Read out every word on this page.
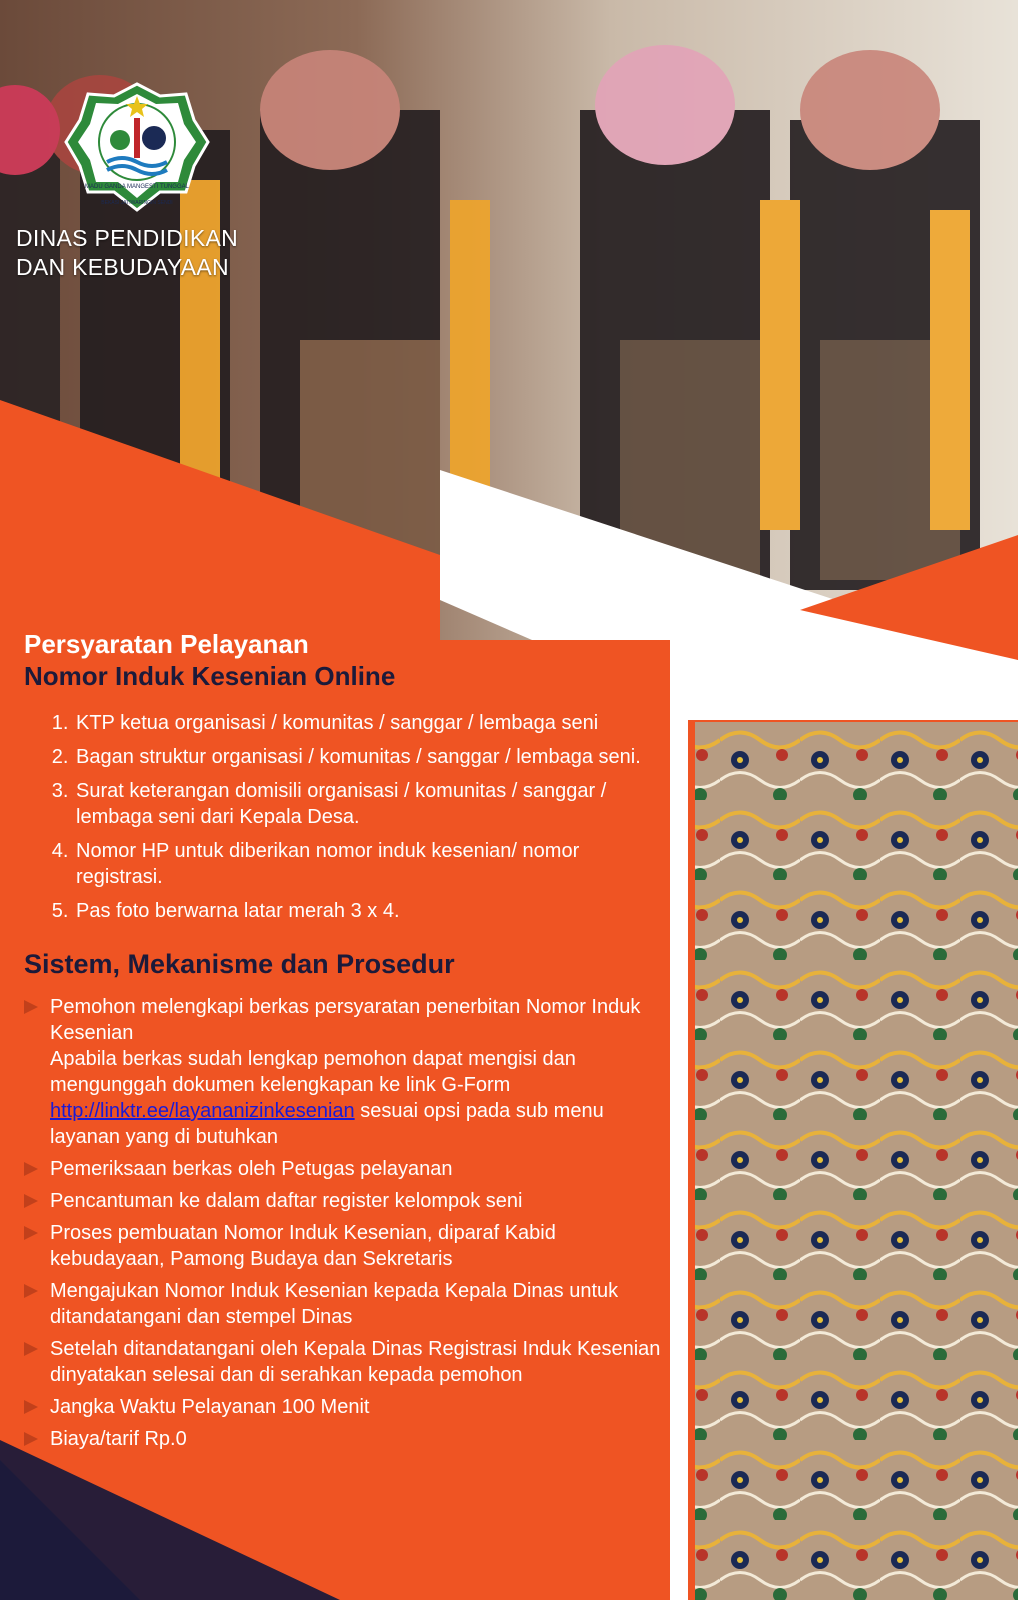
MADU GANDA MANGESTI TUNGGAL
BEKASI JATIWARINGIN SENDI
DINAS PENDIDIKAN
DAN KEBUDAYAAN
Persyaratan Pelayanan
Nomor Induk Kesenian Online
1. KTP ketua organisasi / komunitas / sanggar / lembaga seni
2. Bagan struktur organisasi / komunitas / sanggar / lembaga seni.
3. Surat keterangan domisili organisasi / komunitas / sanggar / lembaga seni dari Kepala Desa.
4. Nomor HP untuk diberikan nomor induk kesenian/ nomor registrasi.
5. Pas foto berwarna latar merah 3 x 4.
Sistem, Mekanisme dan Prosedur
Pemohon melengkapi berkas persyaratan penerbitan Nomor Induk Kesenian
Apabila berkas sudah lengkap pemohon dapat mengisi dan mengunggah dokumen kelengkapan ke link G-Form http://linktr.ee/layananizinkesenian sesuai opsi pada sub menu layanan yang di butuhkan
Pemeriksaan berkas oleh Petugas pelayanan
Pencantuman ke dalam daftar register kelompok seni
Proses pembuatan Nomor Induk Kesenian, diparaf Kabid kebudayaan, Pamong Budaya dan Sekretaris
Mengajukan Nomor Induk Kesenian kepada Kepala Dinas untuk ditandatangani dan stempel Dinas
Setelah ditandatangani oleh Kepala Dinas Registrasi Induk Kesenian dinyatakan selesai dan di serahkan kepada pemohon
Jangka Waktu Pelayanan 100 Menit
Biaya/tarif Rp.0
